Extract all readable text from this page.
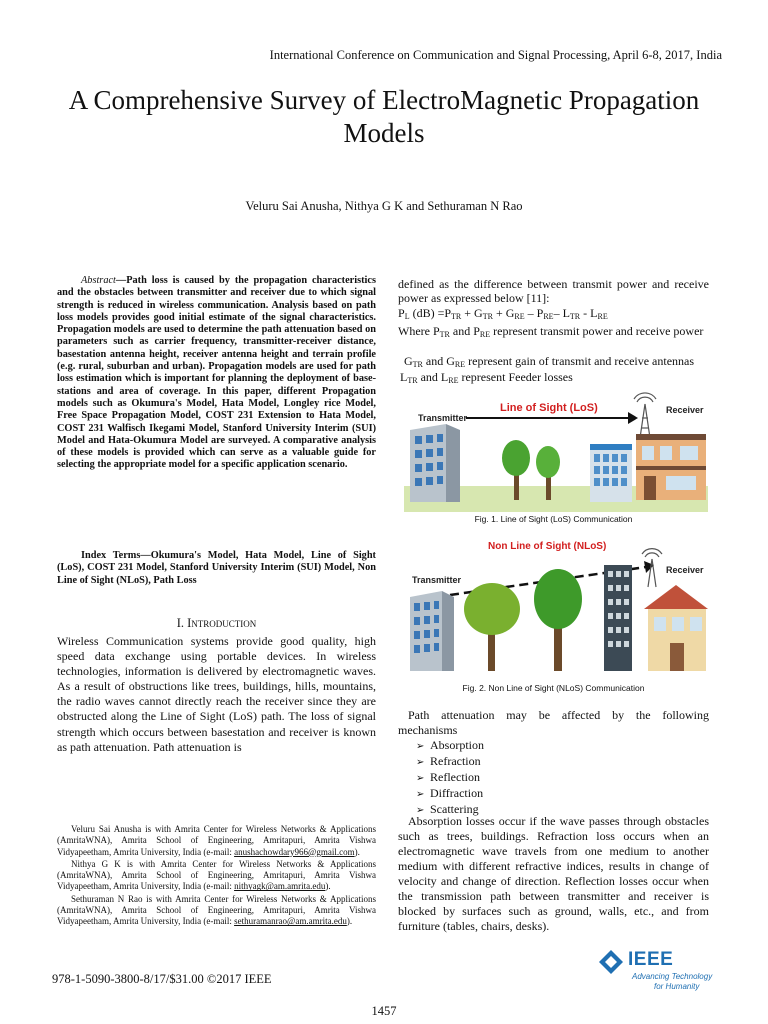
International Conference on Communication and Signal Processing, April 6-8, 2017, India
A Comprehensive Survey of ElectroMagnetic Propagation Models
Veluru Sai Anusha, Nithya G K and Sethuraman N Rao
Abstract—Path loss is caused by the propagation characteristics and the obstacles between transmitter and receiver due to which signal strength is reduced in wireless communication. Analysis based on path loss models provides good initial estimate of the signal characteristics. Propagation models are used to determine the path attenuation based on parameters such as carrier frequency, transmitter-receiver distance, basestation antenna height, receiver antenna height and terrain profile (e.g. rural, suburban and urban). Propagation models are used for path loss estimation which is important for planning the deployment of base-stations and area of coverage. In this paper, different Propagation models such as Okumura's Model, Hata Model, Longley rice Model, Free Space Propagation Model, COST 231 Extension to Hata Model, COST 231 Walfisch Ikegami Model, Stanford University Interim (SUI) Model and Hata-Okumura Model are surveyed. A comparative analysis of these models is provided which can serve as a valuable guide for selecting the appropriate model for a specific application scenario.
Index Terms—Okumura's Model, Hata Model, Line of Sight (LoS), COST 231 Model, Stanford University Interim (SUI) Model, Non Line of Sight (NLoS), Path Loss
I. Introduction
Wireless Communication systems provide good quality, high speed data exchange using portable devices. In wireless technologies, information is delivered by electromagnetic waves. As a result of obstructions like trees, buildings, hills, mountains, the radio waves cannot directly reach the receiver since they are obstructed along the Line of Sight (LoS) path. The loss of signal strength which occurs between basestation and receiver is known as path attenuation. Path attenuation is

Veluru Sai Anusha is with Amrita Center for Wireless Networks & Applications (AmritaWNA), Amrita School of Engineering, Amritapuri, Amrita Vishwa Vidyapeetham, Amrita University, India (e-mail: anushachowdary966@gmail.com).

Nithya G K is with Amrita Center for Wireless Networks & Applications (AmritaWNA), Amrita School of Engineering, Amritapuri, Amrita Vishwa Vidyapeetham, Amrita University, India (e-mail: nithyagk@am.amrita.edu).

Sethuraman N Rao is with Amrita Center for Wireless Networks & Applications (AmritaWNA), Amrita School of Engineering, Amritapuri, Amrita Vishwa Vidyapeetham, Amrita University, India (e-mail: sethuramanrao@am.amrita.edu).

978-1-5090-3800-8/17/$31.00 ©2017 IEEE
1457
defined as the difference between transmit power and receive power as expressed below [11]:
$P_L$ $(dB) =P_{TR} + G_{TR} + G_{RE} - P_{RE}-$ $L_{TR} - L_{RE}$
Where $P_{TR}$ and $P_{RE}$ represent transmit power and receive power
$G_{TR}$ and $G_{RE}$ represent gain of transmit and receive antennas
$L_{TR}$ and $L_{RE}$ represent Feeder losses
Transmitter
Line of Sight (LoS)	Receiver
Fig. 1. Line of Sight (LoS) Communication
Non Line of Sight (NLoS)
Transmitter
Receiver
Fig. 2. Non Line of Sight (NLoS) Communication
Path attenuation may be affected by the following mechanisms
➢ Absorption
➢ Refraction
➢ Reflection
➢ Diffraction
➢ Scattering
Absorption losses occur if the wave passes through obstacles such as trees, buildings. Refraction loss occurs when an electromagnetic wave travels from one medium to another medium with different refractive indices, results in change of velocity and change of direction. Reflection losses occur when the transmission path between transmitter and receiver is blocked by surfaces such as ground, walls, etc., and from furniture (tables, chairs, desks).
IEEE
Advancing Technology
for Humanity
